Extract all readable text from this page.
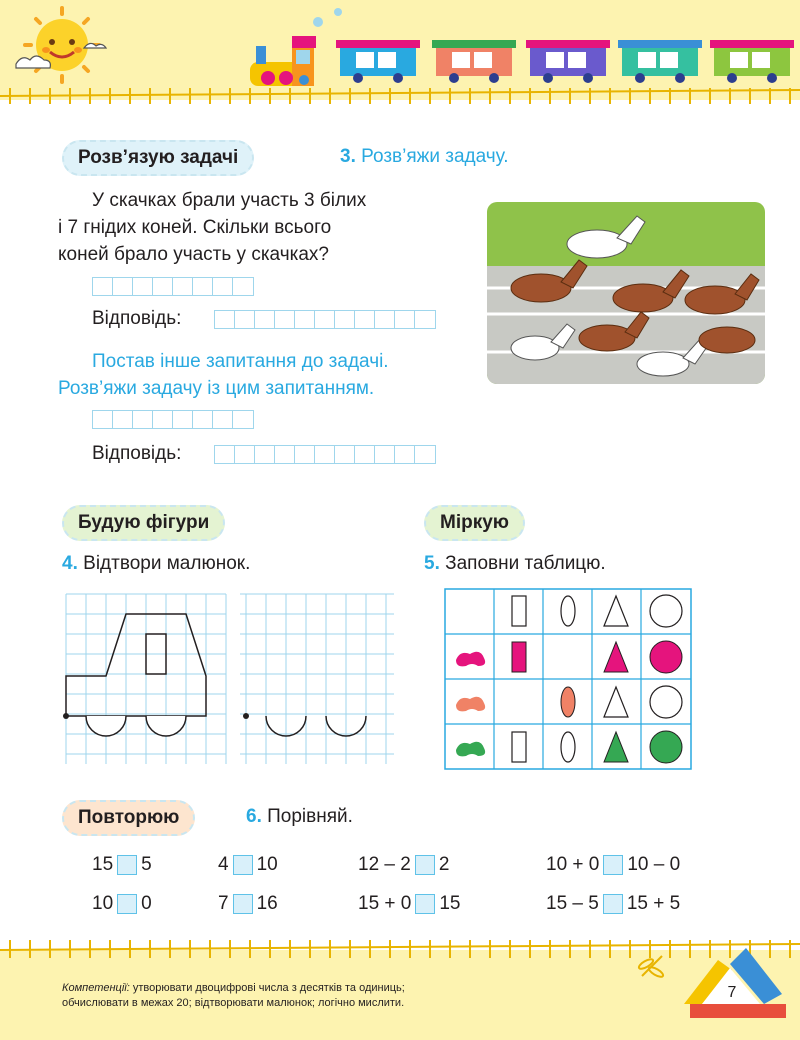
Розв’язую задачі	3. Розв’яжи задачу.
У скачках брали участь 3 білих
і 7 гнідих коней. Скільки всього
коней брало участь у скачках?
Відповідь:
Постав інше запитання до задачі.
Розв’яжи задачу із цим запитанням.
Відповідь:
Будую фігури
4. Відтвори малюнок.
Міркую
5. Заповни таблицю.
Повторюю	6. Порівняй.
15 5	4 10	12 – 2 2	10 + 0 10 – 0
10 0	7 16	15 + 0 15	15 – 5 15 + 5
Компетенції: утворювати двоцифрові числа з десятків та одиниць;
обчислювати в межах 20; відтворювати малюнок; логічно мислити.
7
